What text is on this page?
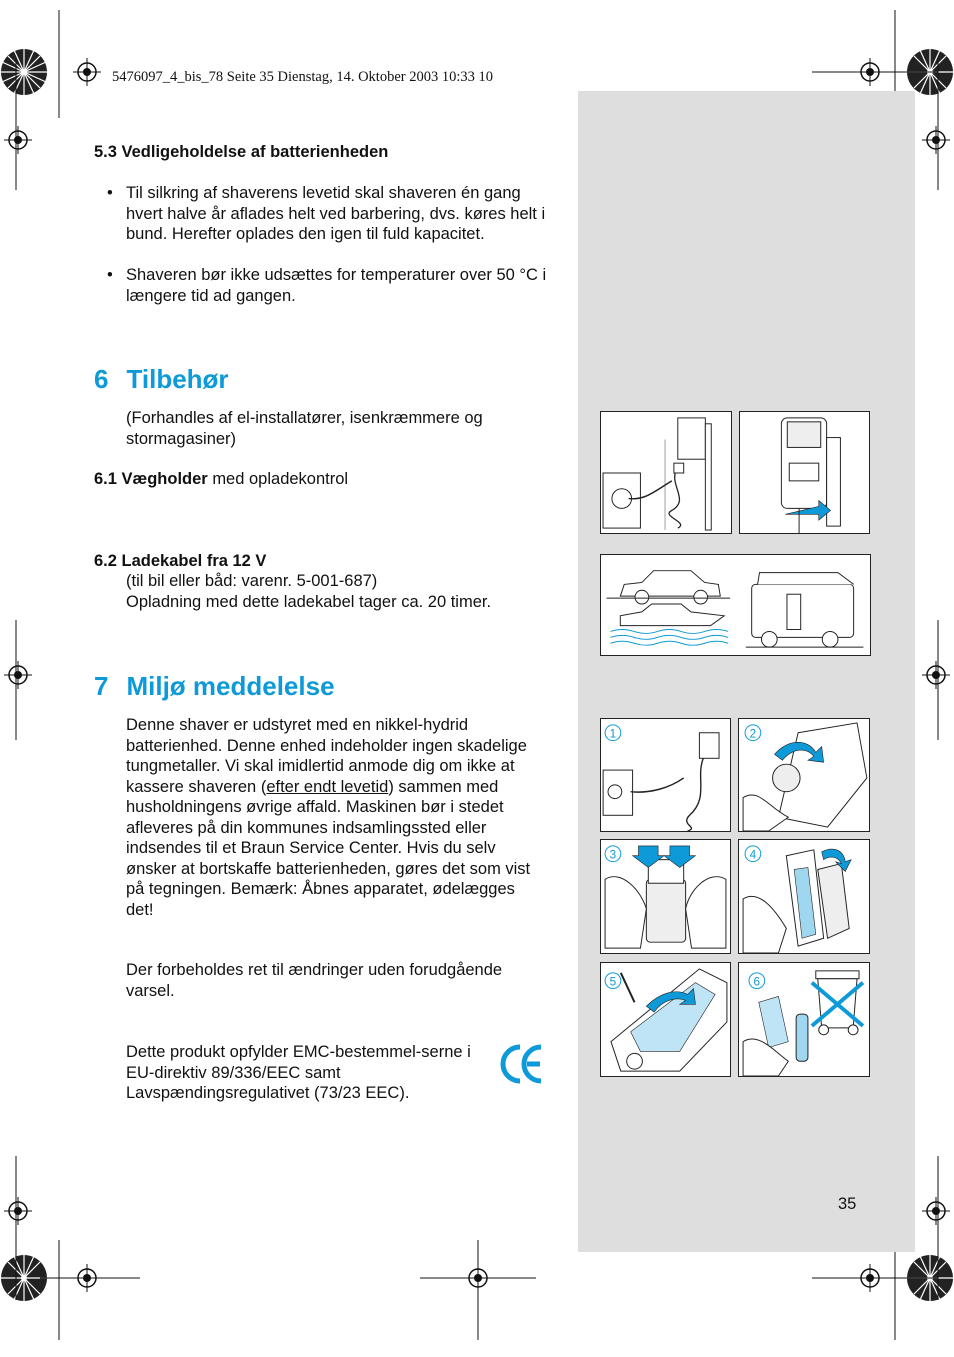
5476097_4_bis_78 Seite 35 Dienstag, 14. Oktober 2003 10:33 10
5.3 Vedligeholdelse af batterienheden
• Til silkring af shaverens levetid skal shaveren én gang hvert halve år aflades helt ved barbering, dvs. køres helt i bund. Herefter oplades den igen til fuld kapacitet.
• Shaveren bør ikke udsættes for temperaturer over 50 °C i længere tid ad gangen.
6 Tilbehør
(Forhandles af el-installatører, isenkræmmere og stormagasiner)
6.1 Vægholder med opladekontrol
6.2 Ladekabel fra 12 V
(til bil eller båd: varenr. 5-001-687)
Opladning med dette ladekabel tager ca. 20 timer.
7 Miljø meddelelse
Denne shaver er udstyret med en nikkel-hydrid batterienhed. Denne enhed indeholder ingen skadelige tungmetaller. Vi skal imidlertid anmode dig om ikke at kassere shaveren (efter endt levetid) sammen med husholdningens øvrige affald. Maskinen bør i stedet afleveres på din kommunes indsamlingssted eller indsendes til et Braun Service Center. Hvis du selv ønsker at bortskaffe batterienheden, gøres det som vist på tegningen. Bemærk: Åbnes apparatet, ødelægges det!
Der forbeholdes ret til ændringer uden forudgående varsel.
Dette produkt opfylder EMC-bestemmel-serne i EU-direktiv 89/336/EEC samt Lavspændingsregulativet (73/23 EEC).
1	2
3	4
5	6
35
